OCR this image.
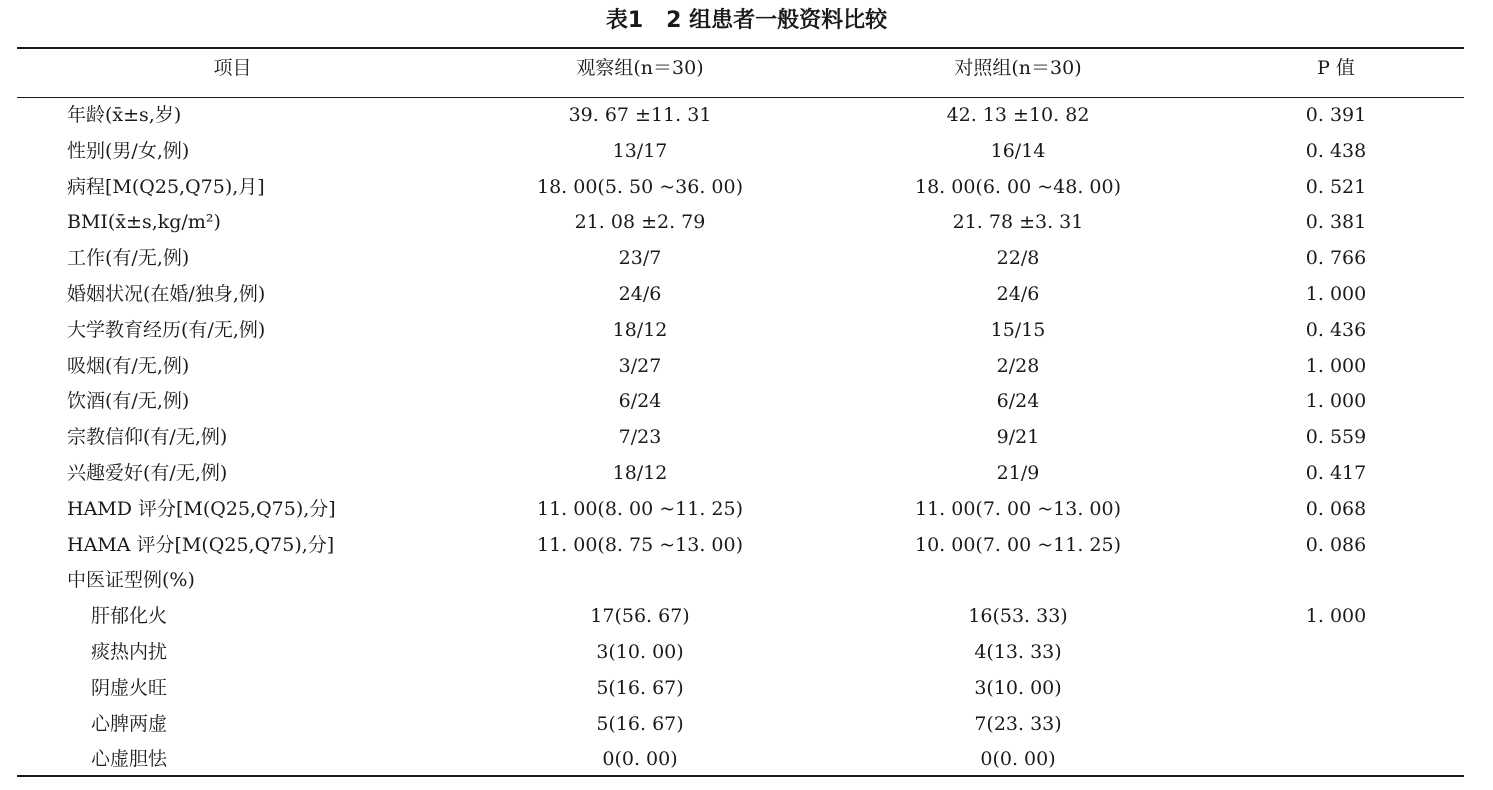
表1   2 组患者一般资料比较
项目	观察组(n＝30)	对照组(n＝30)	P 值
年龄(x̄±s,岁)	39. 67 ±11. 31	42. 13 ±10. 82	0. 391
性别(男/女,例)	13/17	16/14	0. 438
病程[M(Q25,Q75),月]	18. 00(5. 50 ~36. 00)	18. 00(6. 00 ~48. 00)	0. 521
BMI(x̄±s,kg/m²)	21. 08 ±2. 79	21. 78 ±3. 31	0. 381
工作(有/无,例)	23/7	22/8	0. 766
婚姻状况(在婚/独身,例)	24/6	24/6	1. 000
大学教育经历(有/无,例)	18/12	15/15	0. 436
吸烟(有/无,例)	3/27	2/28	1. 000
饮酒(有/无,例)	6/24	6/24	1. 000
宗教信仰(有/无,例)	7/23	9/21	0. 559
兴趣爱好(有/无,例)	18/12	21/9	0. 417
HAMD 评分[M(Q25,Q75),分]	11. 00(8. 00 ~11. 25)	11. 00(7. 00 ~13. 00)	0. 068
HAMA 评分[M(Q25,Q75),分]	11. 00(8. 75 ~13. 00)	10. 00(7. 00 ~11. 25)	0. 086
中医证型例(%)
肝郁化火	17(56. 67)	16(53. 33)	1. 000
痰热内扰	3(10. 00)	4(13. 33)
阴虚火旺	5(16. 67)	3(10. 00)
心脾两虚	5(16. 67)	7(23. 33)
心虚胆怯	0(0. 00)	0(0. 00)
